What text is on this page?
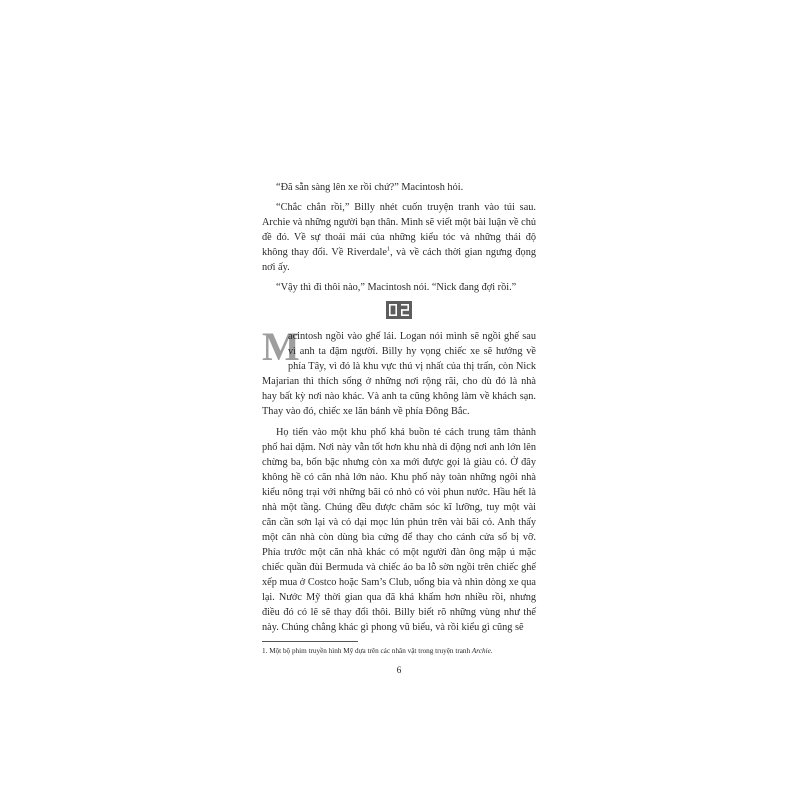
“Đã sẵn sàng lên xe rồi chứ?” Macintosh hỏi.

“Chắc chắn rồi,” Billy nhét cuốn truyện tranh vào túi sau. Archie và những người bạn thân. Mình sẽ viết một bài luận về chủ đề đó. Về sự thoải mái của những kiểu tóc và những thái độ không thay đổi. Về Riverdale$^1$, và về cách thời gian ngưng đọng nơi ấy.

“Vậy thì đi thôi nào,” Macintosh nói. “Nick đang đợi rồi.”

M
acintosh ngồi vào ghế lái. Logan nói mình sẽ ngồi ghế sau vì anh ta đậm người. Billy hy vọng chiếc xe sẽ hướng về phía Tây, vì đó là khu vực thú vị nhất của thị trấn, còn Nick Majarian thì thích sống ở những nơi rộng rãi, cho dù đó là nhà hay bất kỳ nơi nào khác. Và anh ta cũng không làm về khách sạn. Thay vào đó, chiếc xe lăn bánh về phía Đông Bắc.

Họ tiến vào một khu phố khá buồn tẻ cách trung tâm thành phố hai dặm. Nơi này vẫn tốt hơn khu nhà di động nơi anh lớn lên chừng ba, bốn bậc nhưng còn xa mới được gọi là giàu có. Ở đây không hề có căn nhà lớn nào. Khu phố này toàn những ngôi nhà kiểu nông trại với những bãi cỏ nhỏ có vòi phun nước. Hầu hết là nhà một tầng. Chúng đều được chăm sóc kĩ lưỡng, tuy một vài căn cần sơn lại và cỏ dại mọc lún phún trên vài bãi cỏ. Anh thấy một căn nhà còn dùng bìa cứng để thay cho cánh cửa sổ bị vỡ. Phía trước một căn nhà khác có một người đàn ông mập ú mặc chiếc quần đùi Bermuda và chiếc áo ba lỗ sờn ngồi trên chiếc ghế xếp mua ở Costco hoặc Sam’s Club, uống bia và nhìn dòng xe qua lại. Nước Mỹ thời gian qua đã khá khấm hơn nhiều rồi, nhưng điều đó có lẽ sẽ thay đổi thôi. Billy biết rõ những vùng như thế này. Chúng chẳng khác gì phong vũ biểu, và rồi kiểu gì cũng sẽ

1. Một bộ phim truyền hình Mỹ dựa trên các nhân vật trong truyện tranh Archie.

6
